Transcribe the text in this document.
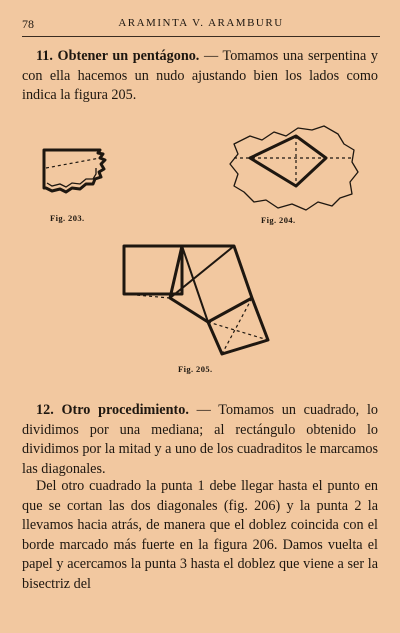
78	ARAMINTA V. ARAMBURU
11. Obtener un pentágono. — Tomamos una serpentina y con ella hacemos un nudo ajustando bien los lados como indica la figura 205.
Fig. 203.	Fig. 204.
Fig. 205.
12. Otro procedimiento. — Tomamos un cuadrado, lo dividimos por una mediana; al rectángulo obtenido lo dividimos por la mitad y a uno de los cuadraditos le marcamos las diagonales.
Del otro cuadrado la punta 1 debe llegar hasta el punto en que se cortan las dos diagonales (fig. 206) y la punta 2 la llevamos hacia atrás, de manera que el doblez coincida con el borde marcado más fuerte en la figura 206. Damos vuelta el papel y acercamos la punta 3 hasta el doblez que viene a ser la bisectriz del
